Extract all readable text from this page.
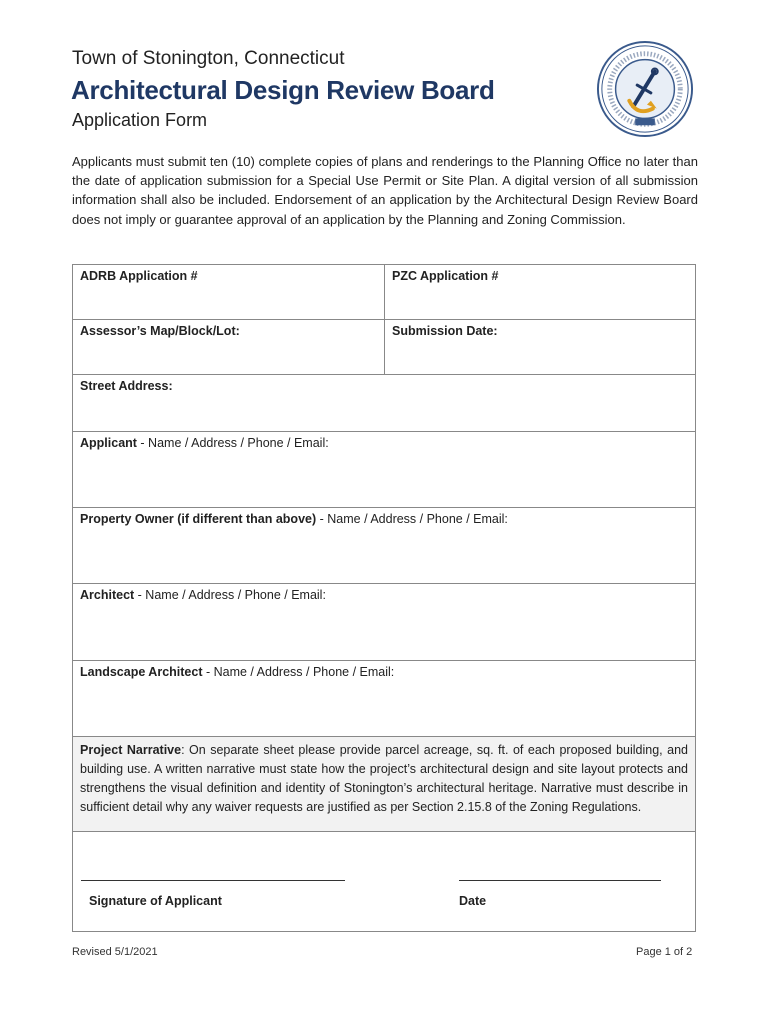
Town of Stonington, Connecticut
Architectural Design Review Board
Application Form
Applicants must submit ten (10) complete copies of plans and renderings to the Planning Office no later than the date of application submission for a Special Use Permit or Site Plan. A digital version of all submission information shall also be included. Endorsement of an application by the Architectural Design Review Board does not imply or guarantee approval of an application by the Planning and Zoning Commission.
ADRB Application #	PZC Application #
Assessor’s Map/Block/Lot:	Submission Date:
Street Address:	
Applicant - Name / Address / Phone / Email:	
Property Owner (if different than above) - Name / Address / Phone / Email:	
Architect - Name / Address / Phone / Email:	
Landscape Architect - Name / Address / Phone / Email:	
Project Narrative: On separate sheet please provide parcel acreage, sq. ft. of each proposed building, and building use. A written narrative must state how the project’s architectural design and site layout protects and strengthens the visual definition and identity of Stonington’s architectural heritage. Narrative must describe in sufficient detail why any waiver requests are justified as per Section 2.15.8 of the Zoning Regulations.	

Signature of Applicant Date	
Revised 5/1/2021	Page 1 of 2
